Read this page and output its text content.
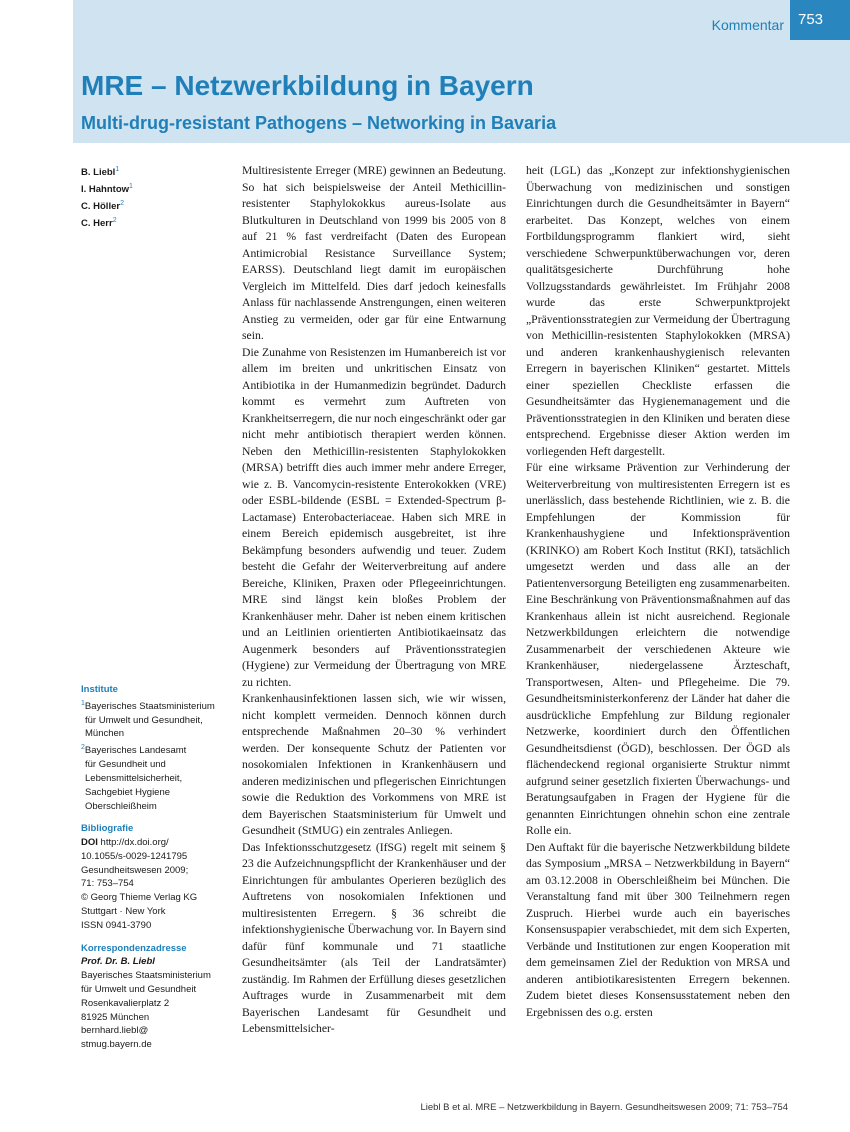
Kommentar 753
MRE – Netzwerkbildung in Bayern
Multi-drug-resistant Pathogens – Networking in Bavaria
B. Liebl$^1$
I. Hahntow$^1$
C. Höller$^2$
C. Herr$^2$
Institute
$^1$Bayerisches Staatsministerium
für Umwelt und Gesundheit,
München
$^2$Bayerisches Landesamt
für Gesundheit und
Lebensmittelsicherheit,
Sachgebiet Hygiene
Oberschleißheim
Bibliografie
DOI http://dx.doi.org/
10.1055/s-0029-1241795
Gesundheitswesen 2009;
71: 753–754
© Georg Thieme Verlag KG
Stuttgart · New York
ISSN 0941-3790
Korrespondenzadresse
Prof. Dr. B. Liebl
Bayerisches Staatsministerium
für Umwelt und Gesundheit
Rosenkavalierplatz 2
81925 München
bernhard.liebl@
stmug.bayern.de

Multiresistente Erreger (MRE) gewinnen an Bedeutung. So hat sich beispielsweise der Anteil Methicillin-resistenter Staphylokokkus aureus-Isolate aus Blutkulturen in Deutschland von 1999 bis 2005 von 8 auf 21 % fast verdreifacht (Daten des European Antimicrobial Resistance Surveillance System; EARSS). Deutschland liegt damit im europäischen Vergleich im Mittelfeld. Dies darf jedoch keinesfalls Anlass für nachlassende Anstrengungen, einen weiteren Anstieg zu vermeiden, oder gar für eine Entwarnung sein.

Die Zunahme von Resistenzen im Humanbereich ist vor allem im breiten und unkritischen Einsatz von Antibiotika in der Humanmedizin begründet. Dadurch kommt es vermehrt zum Auftreten von Krankheitserregern, die nur noch eingeschränkt oder gar nicht mehr antibiotisch therapiert werden können. Neben den Methicillin-resistenten Staphylokokken (MRSA) betrifft dies auch immer mehr andere Erreger, wie z. B. Vancomycin-resistente Enterokokken (VRE) oder ESBL-bildende (ESBL = Extended-Spectrum β-Lactamase) Enterobacteriaceae. Haben sich MRE in einem Bereich epidemisch ausgebreitet, ist ihre Bekämpfung besonders aufwendig und teuer. Zudem besteht die Gefahr der Weiterverbreitung auf andere Bereiche, Kliniken, Praxen oder Pflegeeinrichtungen. MRE sind längst kein bloßes Problem der Krankenhäuser mehr. Daher ist neben einem kritischen und an Leitlinien orientierten Antibiotikaeinsatz das Augenmerk besonders auf Präventionsstrategien (Hygiene) zur Vermeidung der Übertragung von MRE zu richten.

Krankenhausinfektionen lassen sich, wie wir wissen, nicht komplett vermeiden. Dennoch können durch entsprechende Maßnahmen 20–30 % verhindert werden. Der konsequente Schutz der Patienten vor nosokomialen Infektionen in Krankenhäusern und anderen medizinischen und pflegerischen Einrichtungen sowie die Reduktion des Vorkommens von MRE ist dem Bayerischen Staatsministerium für Umwelt und Gesundheit (StMUG) ein zentrales Anliegen.

Das Infektionsschutzgesetz (IfSG) regelt mit seinem § 23 die Aufzeichnungspflicht der Krankenhäuser und der Einrichtungen für ambulantes Operieren bezüglich des Auftretens von nosokomialen Infektionen und multiresistenten Erregern. § 36 schreibt die infektionshygienische Überwachung vor. In Bayern sind dafür fünf kommunale und 71 staatliche Gesundheitsämter (als Teil der Landratsämter) zuständig. Im Rahmen der Erfüllung dieses gesetzlichen Auftrages wurde in Zusammenarbeit mit dem Bayerischen Landesamt für Gesundheit und Lebensmittelsicher-

heit (LGL) das „Konzept zur infektionshygienischen Überwachung von medizinischen und sonstigen Einrichtungen durch die Gesundheitsämter in Bayern“ erarbeitet. Das Konzept, welches von einem Fortbildungsprogramm flankiert wird, sieht verschiedene Schwerpunktüberwachungen vor, deren qualitätsgesicherte Durchführung hohe Vollzugsstandards gewährleistet. Im Frühjahr 2008 wurde das erste Schwerpunktprojekt „Präventionsstrategien zur Vermeidung der Übertragung von Methicillin-resistenten Staphylokokken (MRSA) und anderen krankenhaushygienisch relevanten Erregern in bayerischen Kliniken“ gestartet. Mittels einer speziellen Checkliste erfassen die Gesundheitsämter das Hygienemanagement und die Präventionsstrategien in den Kliniken und beraten diese entsprechend. Ergebnisse dieser Aktion werden im vorliegenden Heft dargestellt.

Für eine wirksame Prävention zur Verhinderung der Weiterverbreitung von multiresistenten Erregern ist es unerlässlich, dass bestehende Richtlinien, wie z. B. die Empfehlungen der Kommission für Krankenhaushygiene und Infektionsprävention (KRINKO) am Robert Koch Institut (RKI), tatsächlich umgesetzt werden und dass alle an der Patientenversorgung Beteiligten eng zusammenarbeiten. Eine Beschränkung von Präventionsmaßnahmen auf das Krankenhaus allein ist nicht ausreichend. Regionale Netzwerkbildungen erleichtern die notwendige Zusammenarbeit der verschiedenen Akteure wie Krankenhäuser, niedergelassene Ärzteschaft, Transportwesen, Alten- und Pflegeheime. Die 79. Gesundheitsministerkonferenz der Länder hat daher die ausdrückliche Empfehlung zur Bildung regionaler Netzwerke, koordiniert durch den Öffentlichen Gesundheitsdienst (ÖGD), beschlossen. Der ÖGD als flächendeckend regional organisierte Struktur nimmt aufgrund seiner gesetzlich fixierten Überwachungs- und Beratungsaufgaben in Fragen der Hygiene für die genannten Einrichtungen ohnehin schon eine zentrale Rolle ein.

Den Auftakt für die bayerische Netzwerkbildung bildete das Symposium „MRSA – Netzwerkbildung in Bayern“ am 03.12.2008 in Oberschleißheim bei München. Die Veranstaltung fand mit über 300 Teilnehmern regen Zuspruch. Hierbei wurde auch ein bayerisches Konsensuspapier verabschiedet, mit dem sich Experten, Verbände und Institutionen zur engen Kooperation mit dem gemeinsamen Ziel der Reduktion von MRSA und anderen antibiotikaresistenten Erregern bekennen. Zudem bietet dieses Konsensusstatement neben den Ergebnissen des o.g. ersten

Liebl B et al. MRE – Netzwerkbildung in Bayern. Gesundheitswesen 2009; 71: 753–754
